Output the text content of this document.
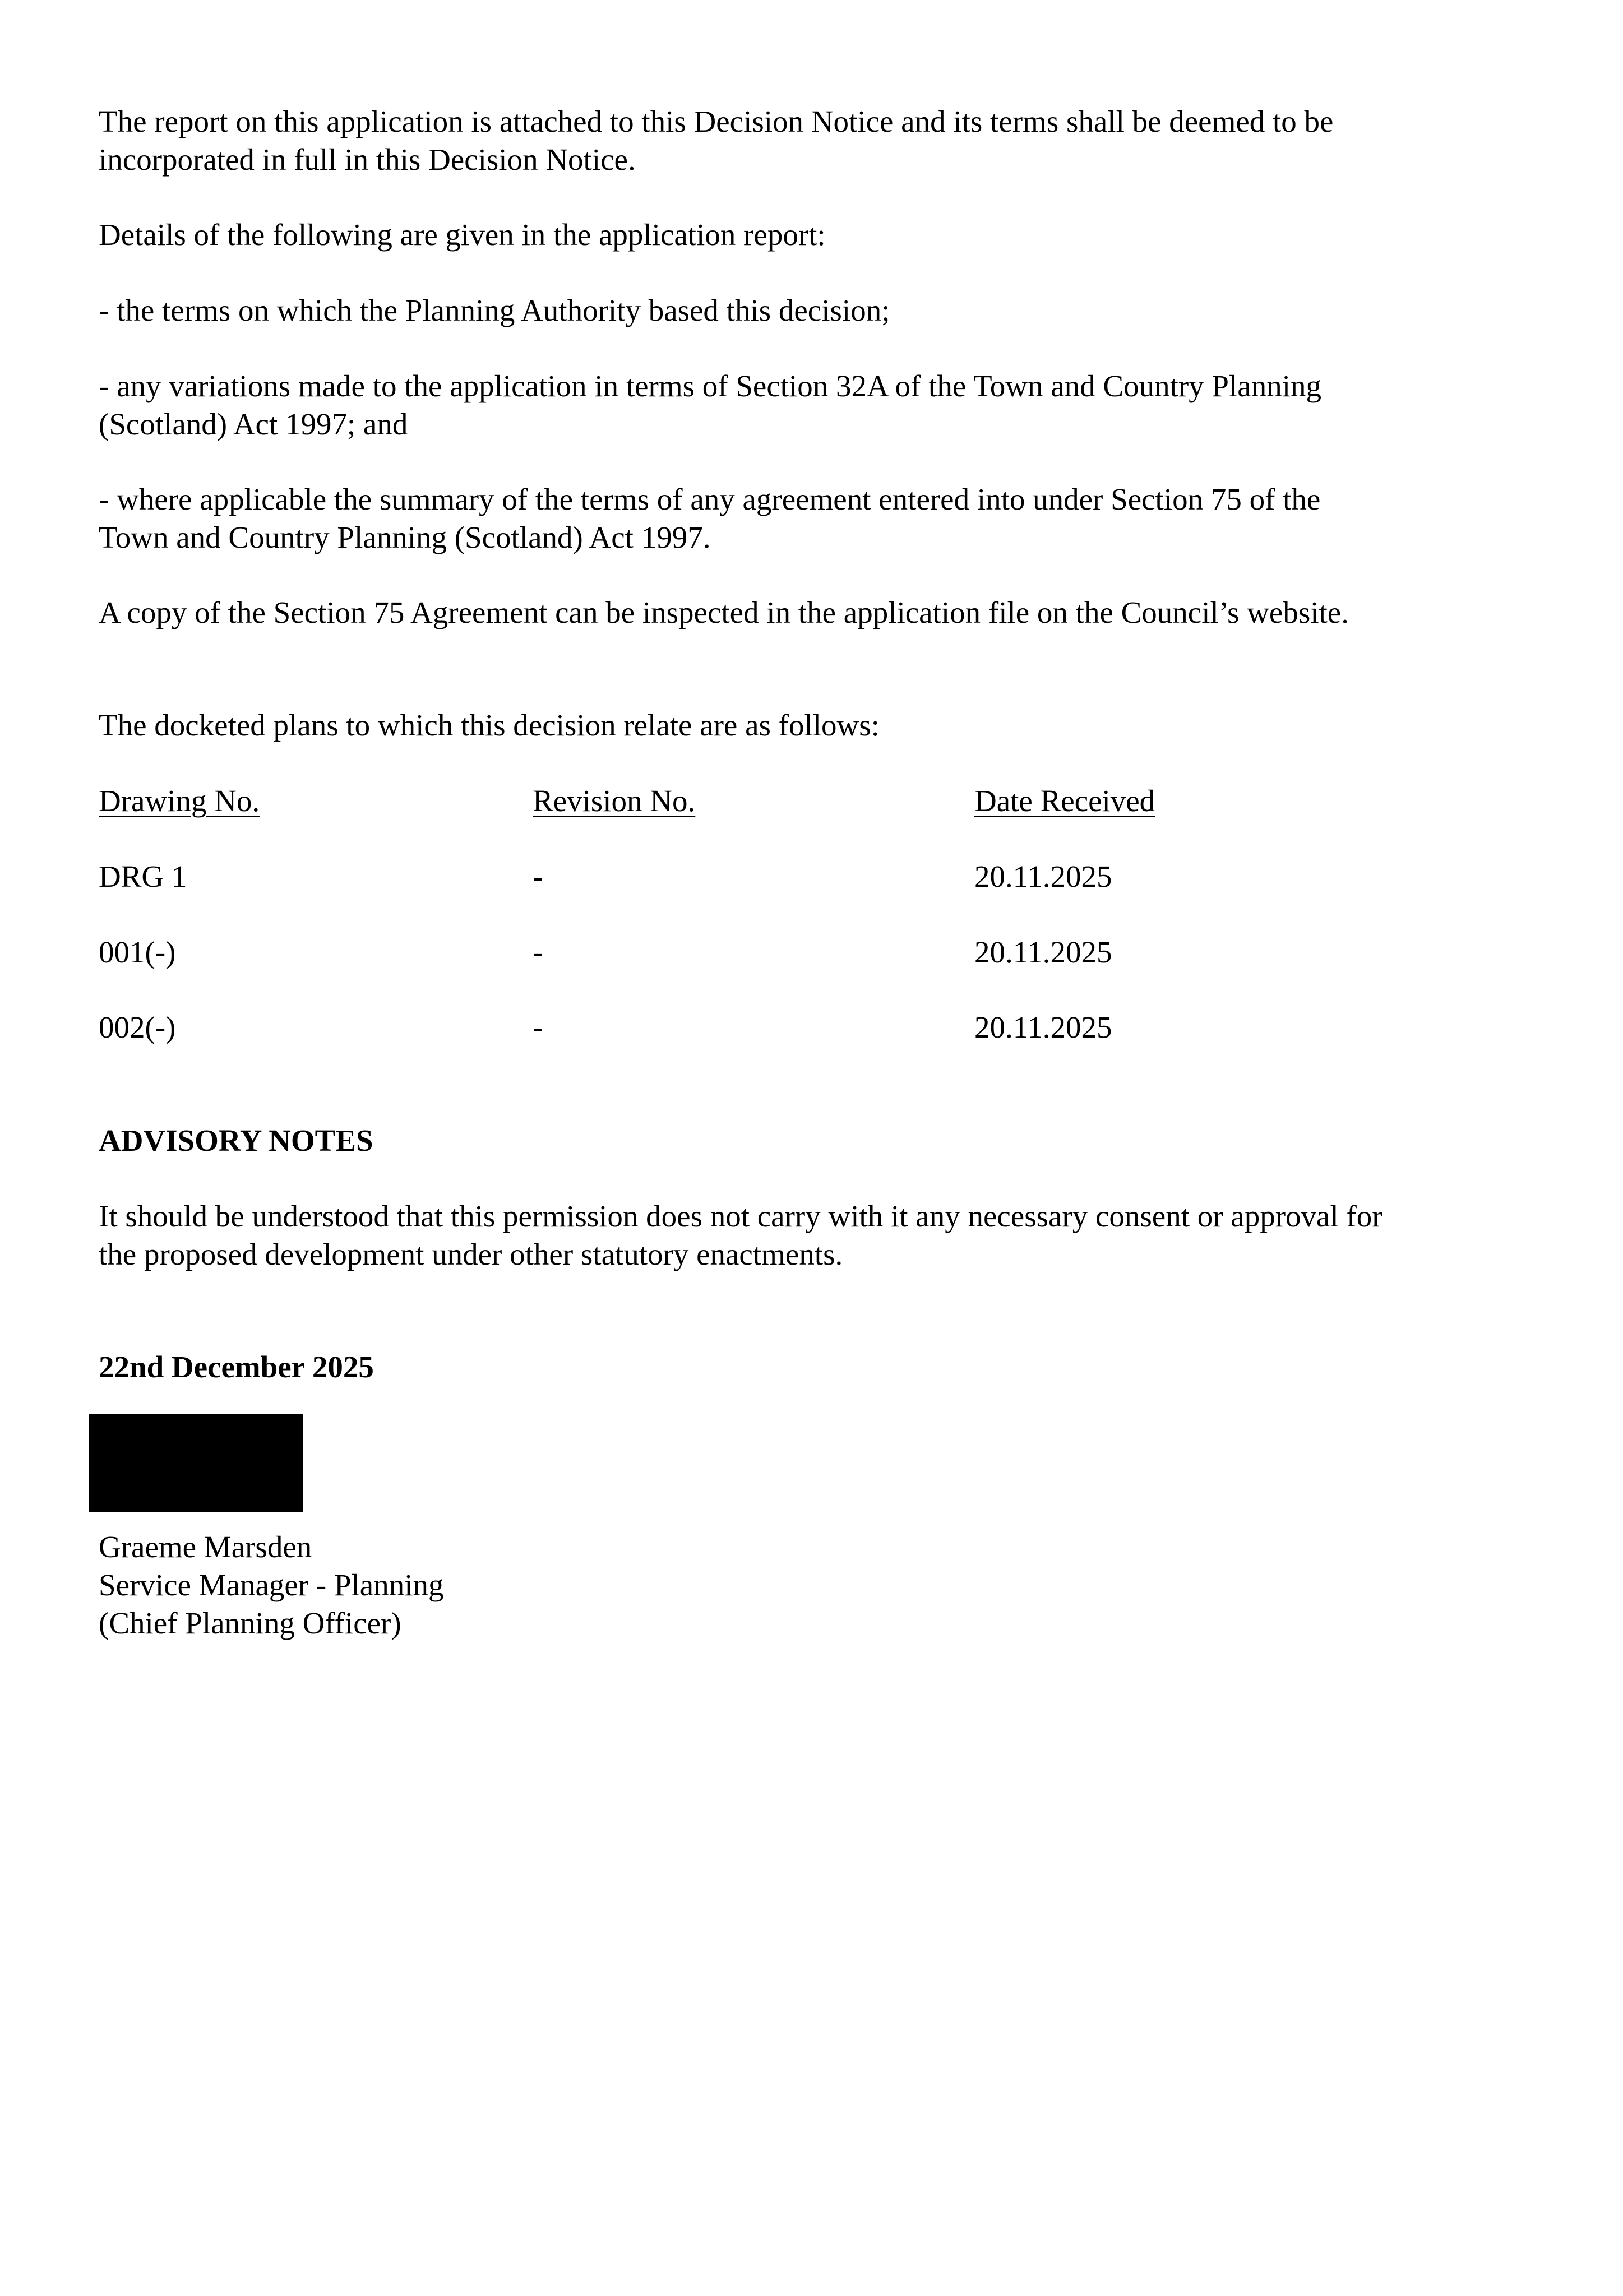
The report on this application is attached to this Decision Notice and its terms shall be deemed to be incorporated in full in this Decision Notice.

Details of the following are given in the application report:

- the terms on which the Planning Authority based this decision;

- any variations made to the application in terms of Section 32A of the Town and Country Planning (Scotland) Act 1997; and

- where applicable the summary of the terms of any agreement entered into under Section 75 of the Town and Country Planning (Scotland) Act 1997.

A copy of the Section 75 Agreement can be inspected in the application file on the Council’s website.

The docketed plans to which this decision relate are as follows:

Drawing No.	Revision No.	Date Received
DRG 1	-	20.11.2025
001(-)	-	20.11.2025
002(-)	-	20.11.2025
ADVISORY NOTES

It should be understood that this permission does not carry with it any necessary consent or approval for the proposed development under other statutory enactments.

22nd December 2025

Graeme Marsden
Service Manager - Planning
(Chief Planning Officer)
